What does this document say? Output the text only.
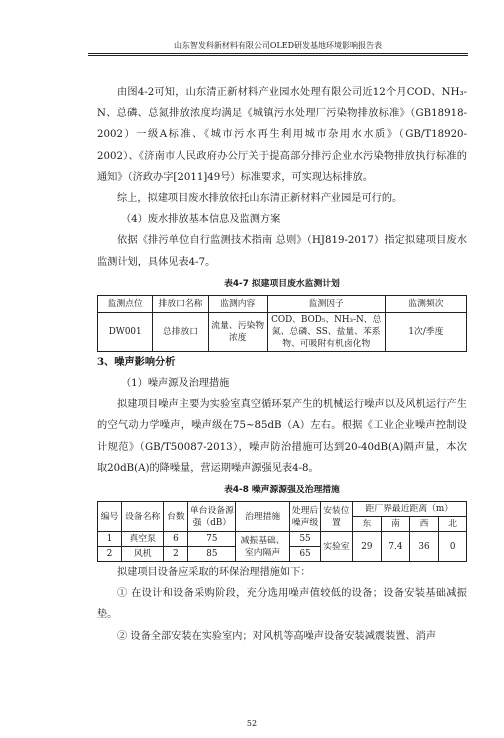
山东智发科新材料有限公司OLED研发基地环境影响报告表

由图4-2可知，山东清正新材料产业园水处理有限公司近12个月COD、NH₃-N、总磷、总氮排放浓度均满足《城镇污水处理厂污染物排放标准》（GB18918-2002）一级A标准、《城市污水再生利用城市杂用水水质》（GB/T18920-2002）、《济南市人民政府办公厅关于提高部分排污企业水污染物排放执行标准的通知》（济政办字[2011]49号）标准要求，可实现达标排放。

综上，拟建项目废水排放依托山东清正新材料产业园是可行的。

（4）废水排放基本信息及监测方案

依据《排污单位自行监测技术指南 总则》（HJ819-2017）指定拟建项目废水监测计划，具体见表4-7。

表4-7 拟建项目废水监测计划

监测点位	排放口名称	监测内容	监测因子	监测频次
DW001	总排放口	流量、污染物浓度	COD、BOD₅、NH₃-N、总氮、总磷、SS、盐量、苯系物、可吸附有机卤化物	1次/季度

3、噪声影响分析

（1）噪声源及治理措施

拟建项目噪声主要为实验室真空循环泵产生的机械运行噪声以及风机运行产生的空气动力学噪声，噪声级在75~85dB（A）左右。根据《工业企业噪声控制设计规范》（GB/T50087-2013），噪声防治措施可达到20-40dB(A)隔声量，本次取20dB(A)的降噪量，营运期噪声源强见表4-8。

表4-8 噪声源源强及治理措施

编号	设备名称	台数	单台设备源强（dB）	治理措施	处理后噪声级	安装位置	距厂界最近距离（m）			
							东	南	西	北
1	真空泵	6	75	减振基础、室内隔声	55	实验室	29	7.4	36	0
2	风机	2	85		65					

拟建项目设备应采取的环保治理措施如下：

① 在设计和设备采购阶段，充分选用噪声值较低的设备；设备安装基础减振垫。

② 设备全部安装在实验室内；对风机等高噪声设备安装减震装置、消声

52
